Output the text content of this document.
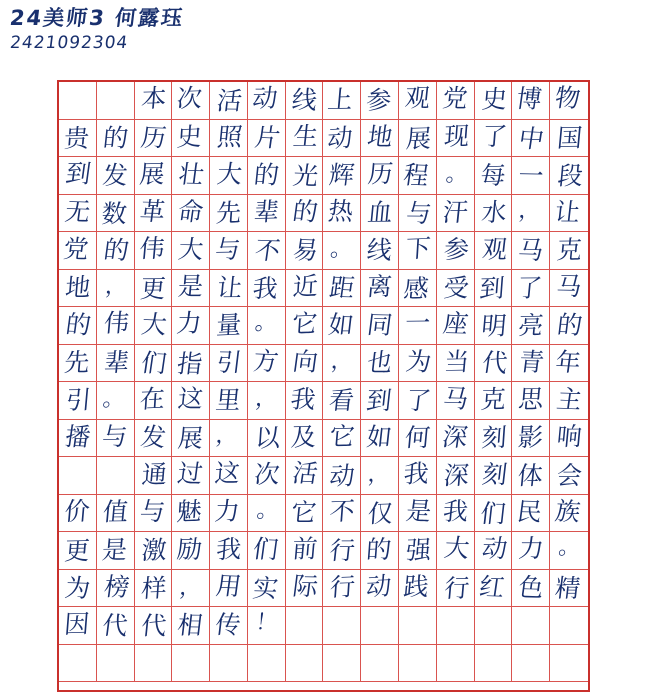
24美师3 何露珏
2421092304
本 次 活 动 线 上 参 观 党 史 博 物
贵 的 历 史 照 片 生 动 地 展 现 了 中 国
到 发 展 壮 大 的 光 辉 历 程 。 每 一 段
无 数 革 命 先 辈 的 热 血 与 汗 水 ， 让
党 的 伟 大 与 不 易 。 线 下 参 观 马 克
地 ， 更 是 让 我 近 距 离 感 受 到 了 马
的 伟 大 力 量 。 它 如 同 一 座 明 亮 的
先 辈 们 指 引 方 向 ， 也 为 当 代 青 年
引 。 在 这 里 ， 我 看 到 了 马 克 思 主
播 与 发 展 ， 以 及 它 如 何 深 刻 影 响
通 过 这 次 活 动 ， 我 深 刻 体 会
价 值 与 魅 力 。 它 不 仅 是 我 们 民 族
更 是 激 励 我 们 前 行 的 强 大 动 力 。
为 榜 样 ， 用 实 际 行 动 践 行 红 色 精
因 代 代 相 传 ！
